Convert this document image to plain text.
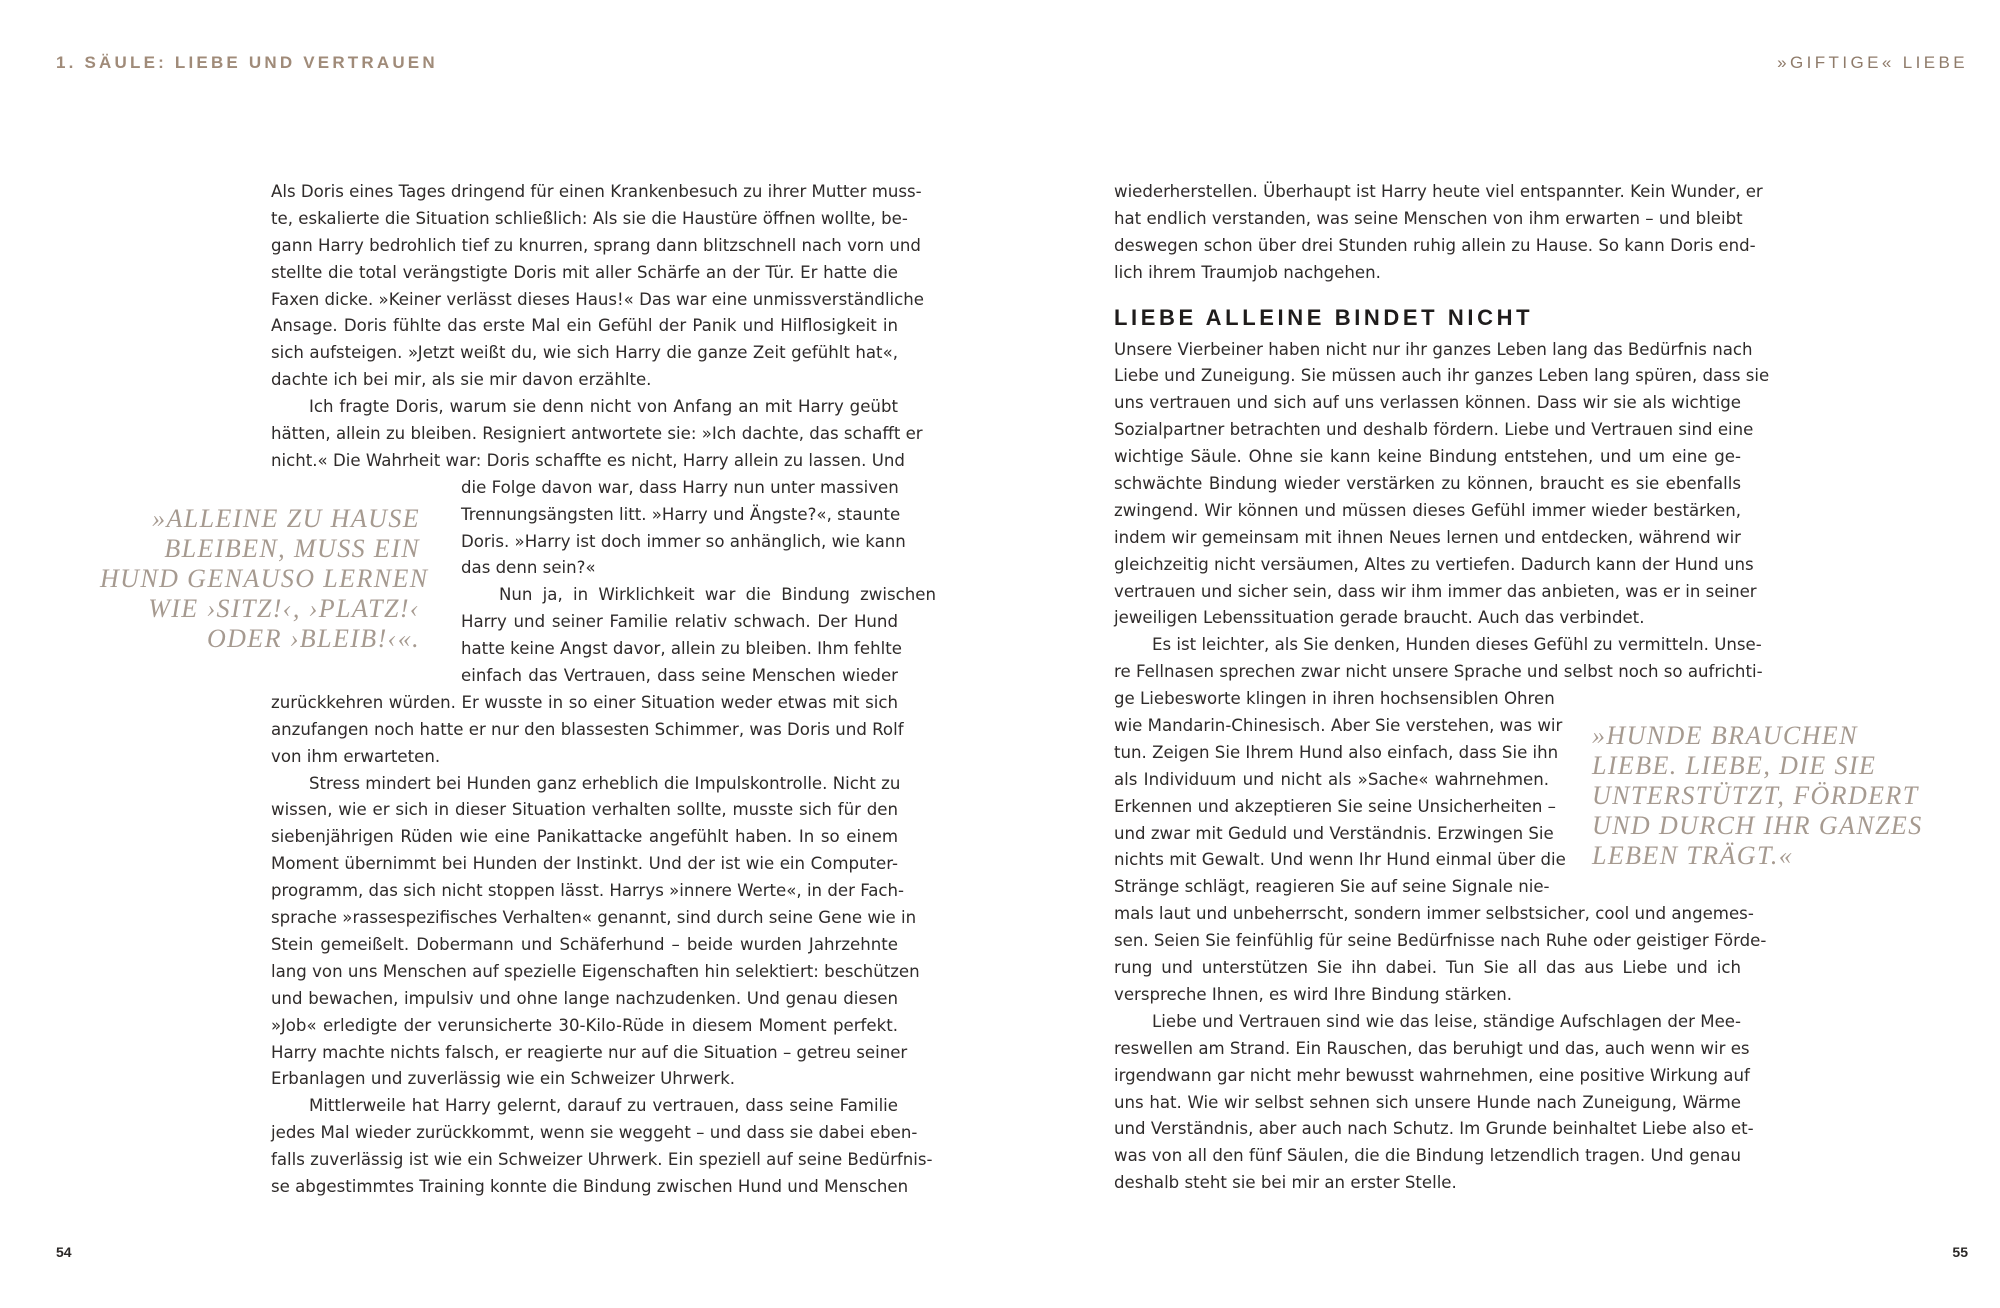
1. SÄULE: LIEBE UND VERTRAUEN	»GIFTIGE« LIEBE
Als Doris eines Tages dringend für einen Krankenbesuch zu ihrer Mutter muss-
te, eskalierte die Situation schließlich: Als sie die Haustüre öffnen wollte, be-
gann Harry bedrohlich tief zu knurren, sprang dann blitzschnell nach vorn und
stellte die total verängstigte Doris mit aller Schärfe an der Tür. Er hatte die
Faxen dicke. »Keiner verlässt dieses Haus!« Das war eine unmissverständliche
Ansage. Doris fühlte das erste Mal ein Gefühl der Panik und Hilflosigkeit in
sich aufsteigen. »Jetzt weißt du, wie sich Harry die ganze Zeit gefühlt hat«,
dachte ich bei mir, als sie mir davon erzählte.
Ich fragte Doris, warum sie denn nicht von Anfang an mit Harry geübt
hätten, allein zu bleiben. Resigniert antwortete sie: »Ich dachte, das schafft er
nicht.« Die Wahrheit war: Doris schaffte es nicht, Harry allein zu lassen. Und
die Folge davon war, dass Harry nun unter massiven
Trennungsängsten litt. »Harry und Ängste?«, staunte
Doris. »Harry ist doch immer so anhänglich, wie kann
das denn sein?«
Nun ja, in Wirklichkeit war die Bindung zwischen
Harry und seiner Familie relativ schwach. Der Hund
hatte keine Angst davor, allein zu bleiben. Ihm fehlte
einfach das Vertrauen, dass seine Menschen wieder
zurückkehren würden. Er wusste in so einer Situation weder etwas mit sich
anzufangen noch hatte er nur den blassesten Schimmer, was Doris und Rolf
von ihm erwarteten.
Stress mindert bei Hunden ganz erheblich die Impulskontrolle. Nicht zu
wissen, wie er sich in dieser Situation verhalten sollte, musste sich für den
siebenjährigen Rüden wie eine Panikattacke angefühlt haben. In so einem
Moment übernimmt bei Hunden der Instinkt. Und der ist wie ein Computer-
programm, das sich nicht stoppen lässt. Harrys »innere Werte«, in der Fach-
sprache »rassespezifisches Verhalten« genannt, sind durch seine Gene wie in
Stein gemeißelt. Dobermann und Schäferhund – beide wurden Jahrzehnte
lang von uns Menschen auf spezielle Eigenschaften hin selektiert: beschützen
und bewachen, impulsiv und ohne lange nachzudenken. Und genau diesen
»Job« erledigte der verunsicherte 30-Kilo-Rüde in diesem Moment perfekt.
Harry machte nichts falsch, er reagierte nur auf die Situation – getreu seiner
Erbanlagen und zuverlässig wie ein Schweizer Uhrwerk.
Mittlerweile hat Harry gelernt, darauf zu vertrauen, dass seine Familie
jedes Mal wieder zurückkommt, wenn sie weggeht – und dass sie dabei eben-
falls zuverlässig ist wie ein Schweizer Uhrwerk. Ein speziell auf seine Bedürfnis-
se abgestimmtes Training konnte die Bindung zwischen Hund und Menschen
»ALLEINE ZU HAUSE
BLEIBEN, MUSS EIN
HUND GENAUSO LERNEN
WIE ›SITZ!‹, ›PLATZ!‹
ODER ›BLEIB!‹«.
wiederherstellen. Überhaupt ist Harry heute viel entspannter. Kein Wunder, er
hat endlich verstanden, was seine Menschen von ihm erwarten – und bleibt
deswegen schon über drei Stunden ruhig allein zu Hause. So kann Doris end-
lich ihrem Traumjob nachgehen.
LIEBE ALLEINE BINDET NICHT
Unsere Vierbeiner haben nicht nur ihr ganzes Leben lang das Bedürfnis nach
Liebe und Zuneigung. Sie müssen auch ihr ganzes Leben lang spüren, dass sie
uns vertrauen und sich auf uns verlassen können. Dass wir sie als wichtige
Sozialpartner betrachten und deshalb fördern. Liebe und Vertrauen sind eine
wichtige Säule. Ohne sie kann keine Bindung entstehen, und um eine ge-
schwächte Bindung wieder verstärken zu können, braucht es sie ebenfalls
zwingend. Wir können und müssen dieses Gefühl immer wieder bestärken,
indem wir gemeinsam mit ihnen Neues lernen und entdecken, während wir
gleichzeitig nicht versäumen, Altes zu vertiefen. Dadurch kann der Hund uns
vertrauen und sicher sein, dass wir ihm immer das anbieten, was er in seiner
jeweiligen Lebenssituation gerade braucht. Auch das verbindet.
Es ist leichter, als Sie denken, Hunden dieses Gefühl zu vermitteln. Unse-
re Fellnasen sprechen zwar nicht unsere Sprache und selbst noch so aufrichti-
ge Liebesworte klingen in ihren hochsensiblen Ohren
wie Mandarin-Chinesisch. Aber Sie verstehen, was wir
tun. Zeigen Sie Ihrem Hund also einfach, dass Sie ihn
als Individuum und nicht als »Sache« wahrnehmen.
Erkennen und akzeptieren Sie seine Unsicherheiten –
und zwar mit Geduld und Verständnis. Erzwingen Sie
nichts mit Gewalt. Und wenn Ihr Hund einmal über die
Stränge schlägt, reagieren Sie auf seine Signale nie-
mals laut und unbeherrscht, sondern immer selbstsicher, cool und angemes-
sen. Seien Sie feinfühlig für seine Bedürfnisse nach Ruhe oder geistiger Förde-
rung und unterstützen Sie ihn dabei. Tun Sie all das aus Liebe und ich
verspreche Ihnen, es wird Ihre Bindung stärken.
Liebe und Vertrauen sind wie das leise, ständige Aufschlagen der Mee-
reswellen am Strand. Ein Rauschen, das beruhigt und das, auch wenn wir es
irgendwann gar nicht mehr bewusst wahrnehmen, eine positive Wirkung auf
uns hat. Wie wir selbst sehnen sich unsere Hunde nach Zuneigung, Wärme
und Verständnis, aber auch nach Schutz. Im Grunde beinhaltet Liebe also et-
was von all den fünf Säulen, die die Bindung letzendlich tragen. Und genau
deshalb steht sie bei mir an erster Stelle.
»HUNDE BRAUCHEN
LIEBE. LIEBE, DIE SIE
UNTERSTÜTZT, FÖRDERT
UND DURCH IHR GANZES
LEBEN TRÄGT.«
54	55
